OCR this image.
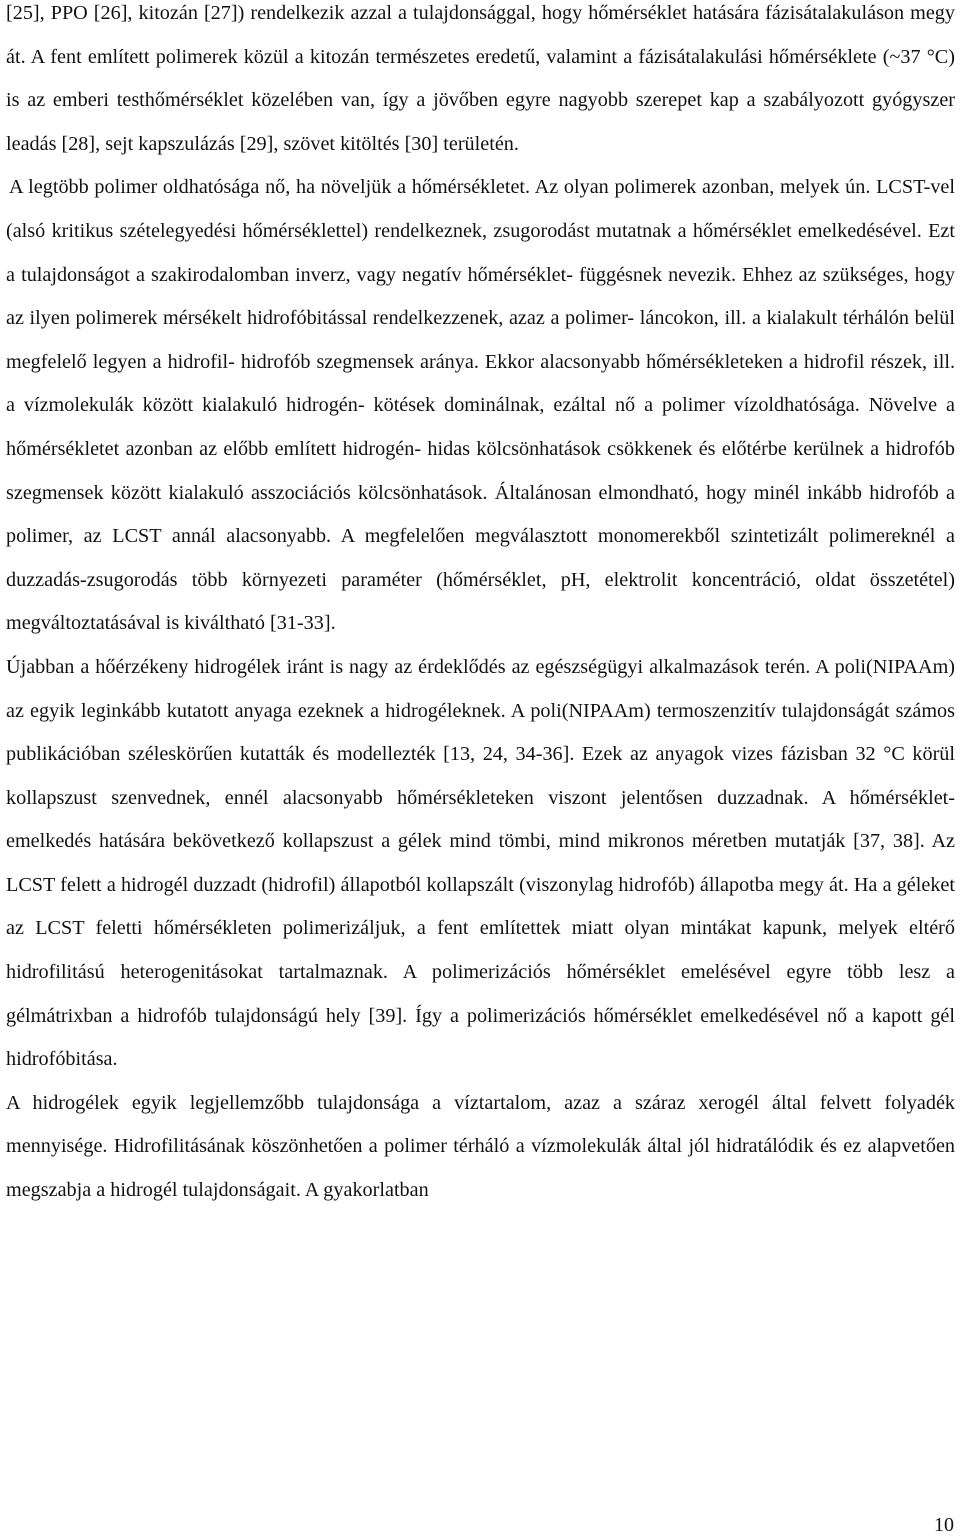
[25], PPO [26], kitozán [27]) rendelkezik azzal a tulajdonsággal, hogy hőmérséklet hatására fázisátalakuláson megy át. A fent említett polimerek közül a kitozán természetes eredetű, valamint a fázisátalakulási hőmérséklete (~37 °C) is az emberi testhőmérséklet közelében van, így a jövőben egyre nagyobb szerepet kap a szabályozott gyógyszer leadás [28], sejt kapszulázás [29], szövet kitöltés [30] területén.

A legtöbb polimer oldhatósága nő, ha növeljük a hőmérsékletet. Az olyan polimerek azonban, melyek ún. LCST-vel (alsó kritikus szételegyedési hőmérséklettel) rendelkeznek, zsugorodást mutatnak a hőmérséklet emelkedésével. Ezt a tulajdonságot a szakirodalomban inverz, vagy negatív hőmérséklet- függésnek nevezik. Ehhez az szükséges, hogy az ilyen polimerek mérsékelt hidrofóbitással rendelkezzenek, azaz a polimer- láncokon, ill. a kialakult térhálón belül megfelelő legyen a hidrofil- hidrofób szegmensek aránya. Ekkor alacsonyabb hőmérsékleteken a hidrofil részek, ill. a vízmolekulák között kialakuló hidrogén- kötések dominálnak, ezáltal nő a polimer vízoldhatósága. Növelve a hőmérsékletet azonban az előbb említett hidrogén- hidas kölcsönhatások csökkenek és előtérbe kerülnek a hidrofób szegmensek között kialakuló asszociációs kölcsönhatások. Általánosan elmondható, hogy minél inkább hidrofób a polimer, az LCST annál alacsonyabb. A megfelelően megválasztott monomerekből szintetizált polimereknél a duzzadás-zsugorodás több környezeti paraméter (hőmérséklet, pH, elektrolit koncentráció, oldat összetétel) megváltoztatásával is kiváltható [31-33].

Újabban a hőérzékeny hidrogélek iránt is nagy az érdeklődés az egészségügyi alkalmazások terén. A poli(NIPAAm) az egyik leginkább kutatott anyaga ezeknek a hidrogéleknek. A poli(NIPAAm) termoszenzitív tulajdonságát számos publikációban széleskörűen kutatták és modellezték [13, 24, 34-36]. Ezek az anyagok vizes fázisban 32 °C körül kollapszust szenvednek, ennél alacsonyabb hőmérsékleteken viszont jelentősen duzzadnak. A hőmérséklet- emelkedés hatására bekövetkező kollapszust a gélek mind tömbi, mind mikronos méretben mutatják [37, 38]. Az LCST felett a hidrogél duzzadt (hidrofil) állapotból kollapszált (viszonylag hidrofób) állapotba megy át. Ha a géleket az LCST feletti hőmérsékleten polimerizáljuk, a fent említettek miatt olyan mintákat kapunk, melyek eltérő hidrofilitású heterogenitásokat tartalmaznak. A polimerizációs hőmérséklet emelésével egyre több lesz a gélmátrixban a hidrofób tulajdonságú hely [39]. Így a polimerizációs hőmérséklet emelkedésével nő a kapott gél hidrofóbitása.

A hidrogélek egyik legjellemzőbb tulajdonsága a víztartalom, azaz a száraz xerogél által felvett folyadék mennyisége. Hidrofilitásának köszönhetően a polimer térháló a vízmolekulák által jól hidratálódik és ez alapvetően megszabja a hidrogél tulajdonságait. A gyakorlatban

10
